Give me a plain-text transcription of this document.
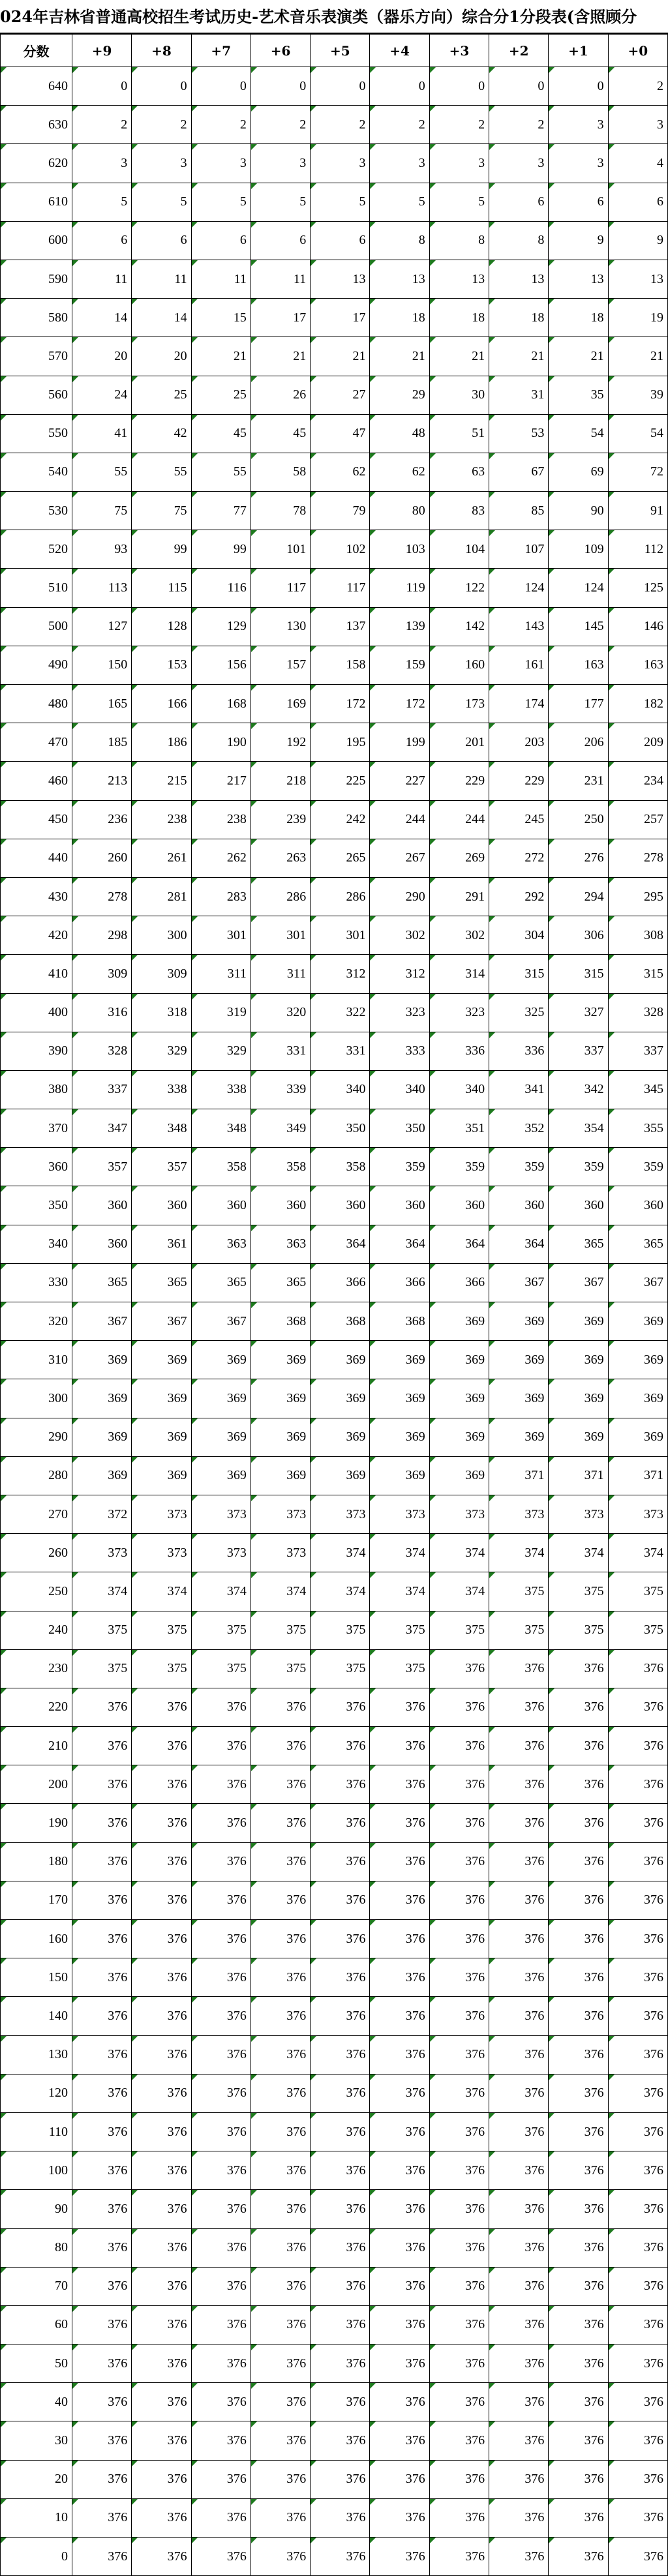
024年吉林省普通高校招生考试历史-艺术音乐表演类（器乐方向）综合分1分段表(含照顾分
分数	+9	+8	+7	+6	+5	+4	+3	+2	+1	+0
640	0	0	0	0	0	0	0	0	0	2
630	2	2	2	2	2	2	2	2	3	3
620	3	3	3	3	3	3	3	3	3	4
610	5	5	5	5	5	5	5	6	6	6
600	6	6	6	6	6	8	8	8	9	9
590	11	11	11	11	13	13	13	13	13	13
580	14	14	15	17	17	18	18	18	18	19
570	20	20	21	21	21	21	21	21	21	21
560	24	25	25	26	27	29	30	31	35	39
550	41	42	45	45	47	48	51	53	54	54
540	55	55	55	58	62	62	63	67	69	72
530	75	75	77	78	79	80	83	85	90	91
520	93	99	99	101	102	103	104	107	109	112
510	113	115	116	117	117	119	122	124	124	125
500	127	128	129	130	137	139	142	143	145	146
490	150	153	156	157	158	159	160	161	163	163
480	165	166	168	169	172	172	173	174	177	182
470	185	186	190	192	195	199	201	203	206	209
460	213	215	217	218	225	227	229	229	231	234
450	236	238	238	239	242	244	244	245	250	257
440	260	261	262	263	265	267	269	272	276	278
430	278	281	283	286	286	290	291	292	294	295
420	298	300	301	301	301	302	302	304	306	308
410	309	309	311	311	312	312	314	315	315	315
400	316	318	319	320	322	323	323	325	327	328
390	328	329	329	331	331	333	336	336	337	337
380	337	338	338	339	340	340	340	341	342	345
370	347	348	348	349	350	350	351	352	354	355
360	357	357	358	358	358	359	359	359	359	359
350	360	360	360	360	360	360	360	360	360	360
340	360	361	363	363	364	364	364	364	365	365
330	365	365	365	365	366	366	366	367	367	367
320	367	367	367	368	368	368	369	369	369	369
310	369	369	369	369	369	369	369	369	369	369
300	369	369	369	369	369	369	369	369	369	369
290	369	369	369	369	369	369	369	369	369	369
280	369	369	369	369	369	369	369	371	371	371
270	372	373	373	373	373	373	373	373	373	373
260	373	373	373	373	374	374	374	374	374	374
250	374	374	374	374	374	374	374	375	375	375
240	375	375	375	375	375	375	375	375	375	375
230	375	375	375	375	375	375	376	376	376	376
220	376	376	376	376	376	376	376	376	376	376
210	376	376	376	376	376	376	376	376	376	376
200	376	376	376	376	376	376	376	376	376	376
190	376	376	376	376	376	376	376	376	376	376
180	376	376	376	376	376	376	376	376	376	376
170	376	376	376	376	376	376	376	376	376	376
160	376	376	376	376	376	376	376	376	376	376
150	376	376	376	376	376	376	376	376	376	376
140	376	376	376	376	376	376	376	376	376	376
130	376	376	376	376	376	376	376	376	376	376
120	376	376	376	376	376	376	376	376	376	376
110	376	376	376	376	376	376	376	376	376	376
100	376	376	376	376	376	376	376	376	376	376
90	376	376	376	376	376	376	376	376	376	376
80	376	376	376	376	376	376	376	376	376	376
70	376	376	376	376	376	376	376	376	376	376
60	376	376	376	376	376	376	376	376	376	376
50	376	376	376	376	376	376	376	376	376	376
40	376	376	376	376	376	376	376	376	376	376
30	376	376	376	376	376	376	376	376	376	376
20	376	376	376	376	376	376	376	376	376	376
10	376	376	376	376	376	376	376	376	376	376
0	376	376	376	376	376	376	376	376	376	376
